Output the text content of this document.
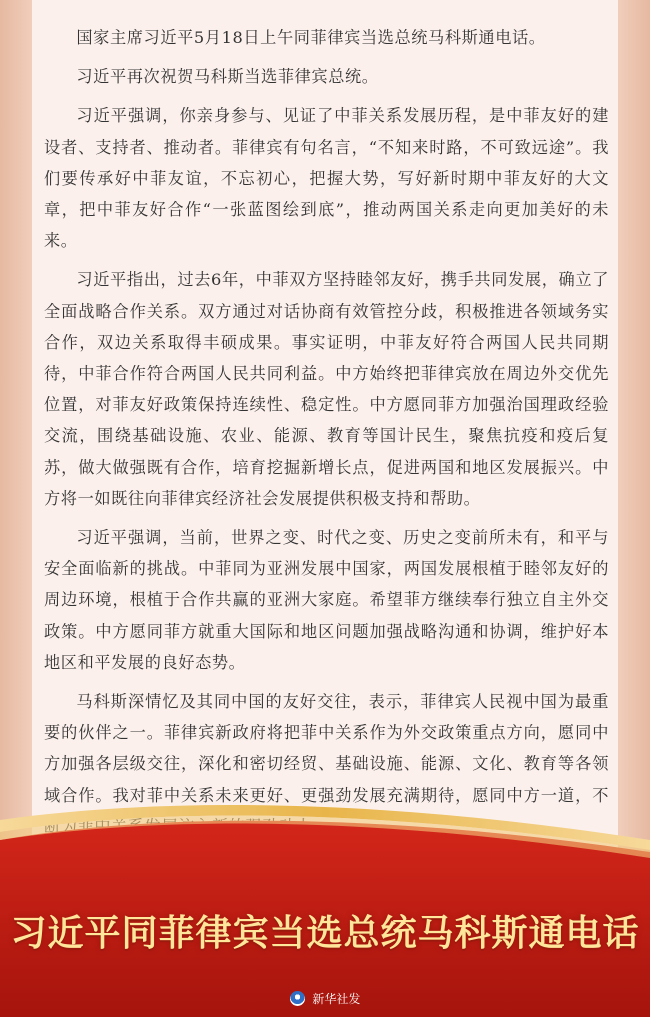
国家主席习近平5月18日上午同菲律宾当选总统马科斯通电话。

习近平再次祝贺马科斯当选菲律宾总统。

习近平强调，你亲身参与、见证了中菲关系发展历程，是中菲友好的建设者、支持者、推动者。菲律宾有句名言，“不知来时路，不可致远途”。我们要传承好中菲友谊，不忘初心，把握大势，写好新时期中菲友好的大文章，把中菲友好合作“一张蓝图绘到底”，推动两国关系走向更加美好的未来。

习近平指出，过去6年，中菲双方坚持睦邻友好，携手共同发展，确立了全面战略合作关系。双方通过对话协商有效管控分歧，积极推进各领域务实合作，双边关系取得丰硕成果。事实证明，中菲友好符合两国人民共同期待，中菲合作符合两国人民共同利益。中方始终把菲律宾放在周边外交优先位置，对菲友好政策保持连续性、稳定性。中方愿同菲方加强治国理政经验交流，围绕基础设施、农业、能源、教育等国计民生，聚焦抗疫和疫后复苏，做大做强既有合作，培育挖掘新增长点，促进两国和地区发展振兴。中方将一如既往向菲律宾经济社会发展提供积极支持和帮助。

习近平强调，当前，世界之变、时代之变、历史之变前所未有，和平与安全面临新的挑战。中菲同为亚洲发展中国家，两国发展根植于睦邻友好的周边环境，根植于合作共赢的亚洲大家庭。希望菲方继续奉行独立自主外交政策。中方愿同菲方就重大国际和地区问题加强战略沟通和协调，维护好本地区和平发展的良好态势。

马科斯深情忆及其同中国的友好交往，表示，菲律宾人民视中国为最重要的伙伴之一。菲律宾新政府将把菲中关系作为外交政策重点方向，愿同中方加强各层级交往，深化和密切经贸、基础设施、能源、文化、教育等各领域合作。我对菲中关系未来更好、更强劲发展充满期待，愿同中方一道，不

习近平同菲律宾当选总统马科斯通电话
新华社发
